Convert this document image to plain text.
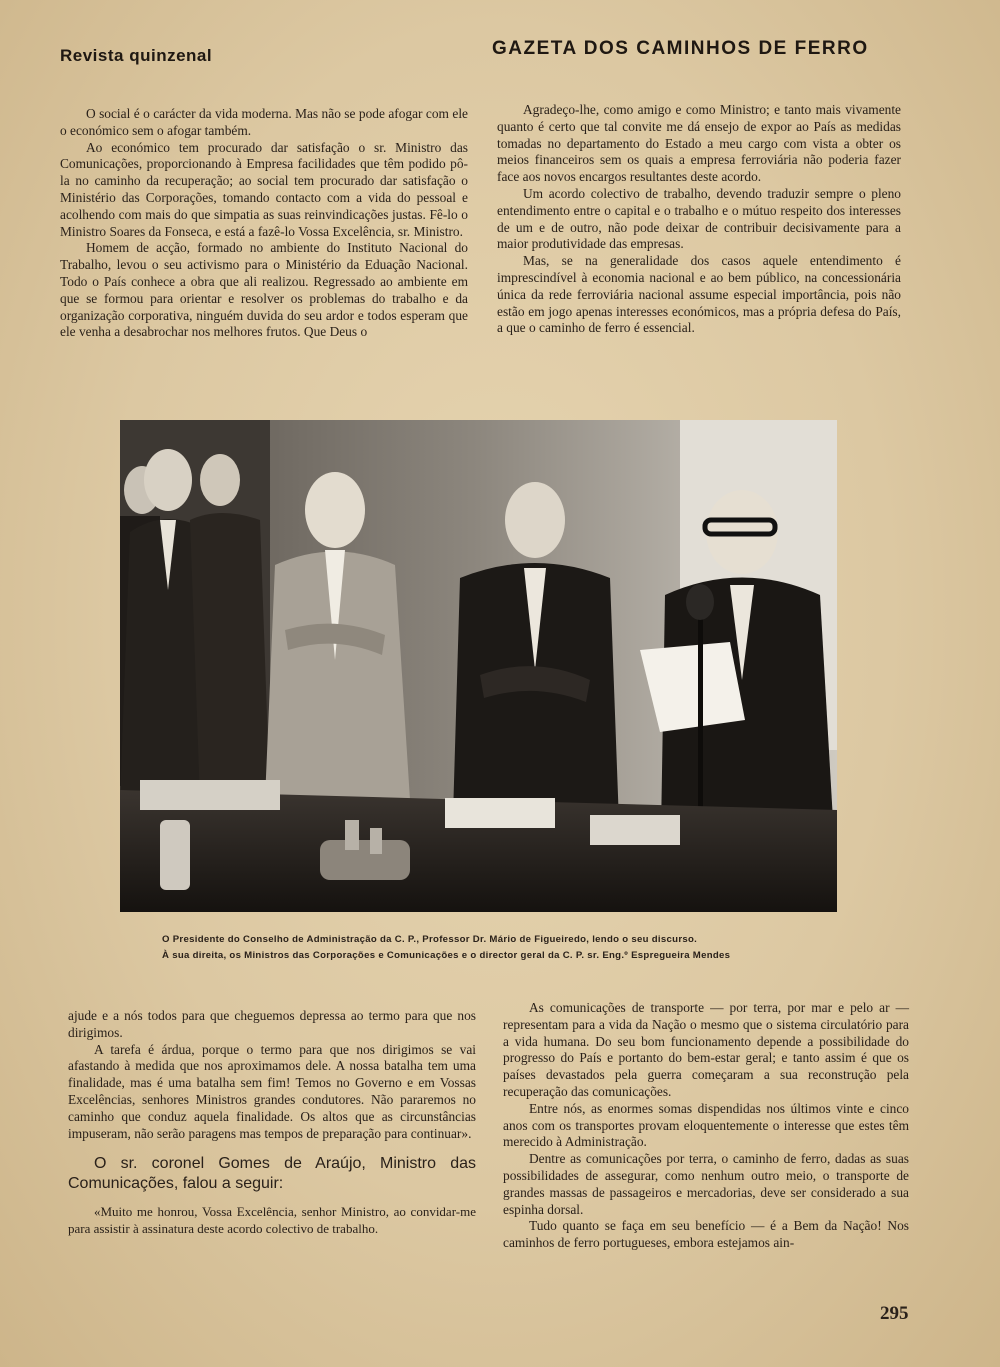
Revista quinzenal	GAZETA DOS CAMINHOS DE FERRO

O social é o carácter da vida moderna. Mas não se pode afogar com ele o económico sem o afogar também.

Ao económico tem procurado dar satisfação o sr. Ministro das Comunicações, proporcionando à Empresa facilidades que têm podido pô-la no caminho da recuperação; ao social tem procurado dar satisfação o Ministério das Corporações, tomando contacto com a vida do pessoal e acolhendo com mais do que simpatia as suas reinvindicações justas. Fê-lo o Ministro Soares da Fonseca, e está a fazê-lo Vossa Excelência, sr. Ministro.

Homem de acção, formado no ambiente do Instituto Nacional do Trabalho, levou o seu activismo para o Ministério da Eduação Nacional. Todo o País conhece a obra que ali realizou. Regressado ao ambiente em que se formou para orientar e resolver os problemas do trabalho e da organização corporativa, ninguém duvida do seu ardor e todos esperam que ele venha a desabrochar nos melhores frutos. Que Deus o

Agradeço-lhe, como amigo e como Ministro; e tanto mais vivamente quanto é certo que tal convite me dá ensejo de expor ao País as medidas tomadas no departamento do Estado a meu cargo com vista a obter os meios financeiros sem os quais a empresa ferroviária não poderia fazer face aos novos encargos resultantes deste acordo.

Um acordo colectivo de trabalho, devendo traduzir sempre o pleno entendimento entre o capital e o trabalho e o mútuo respeito dos interesses de um e de outro, não pode deixar de contribuir decisivamente para a maior produtividade das empresas.

Mas, se na generalidade dos casos aquele entendimento é imprescindível à economia nacional e ao bem público, na concessionária única da rede ferroviária nacional assume especial importância, pois não estão em jogo apenas interesses económicos, mas a própria defesa do País, a que o caminho de ferro é essencial.

O Presidente do Conselho de Administração da C. P., Professor Dr. Mário de Figueiredo, lendo o seu discurso.
À sua direita, os Ministros das Corporações e Comunicações e o director geral da C. P. sr. Eng.º Espregueira Mendes

ajude e a nós todos para que cheguemos depressa ao termo para que nos dirigimos.

A tarefa é árdua, porque o termo para que nos dirigimos se vai afastando à medida que nos aproximamos dele. A nossa batalha tem uma finalidade, mas é uma batalha sem fim! Temos no Governo e em Vossas Excelências, senhores Ministros grandes condutores. Não pararemos no caminho que conduz aquela finalidade. Os altos que as circunstâncias impuseram, não serão paragens mas tempos de preparação para continuar».

O sr. coronel Gomes de Araújo, Ministro das Comunicações, falou a seguir:

«Muito me honrou, Vossa Excelência, senhor Ministro, ao convidar-me para assistir à assinatura deste acordo colectivo de trabalho.

As comunicações de transporte — por terra, por mar e pelo ar — representam para a vida da Nação o mesmo que o sistema circulatório para a vida humana. Do seu bom funcionamento depende a possibilidade do progresso do País e portanto do bem-estar geral; e tanto assim é que os países devastados pela guerra começaram a sua reconstrução pela recuperação das comunicações.

Entre nós, as enormes somas dispendidas nos últimos vinte e cinco anos com os transportes provam eloquentemente o interesse que estes têm merecido à Administração.

Dentre as comunicações por terra, o caminho de ferro, dadas as suas possibilidades de assegurar, como nenhum outro meio, o transporte de grandes massas de passageiros e mercadorias, deve ser considerado a sua espinha dorsal.

Tudo quanto se faça em seu benefício — é a Bem da Nação! Nos caminhos de ferro portugueses, embora estejamos ain-

295
